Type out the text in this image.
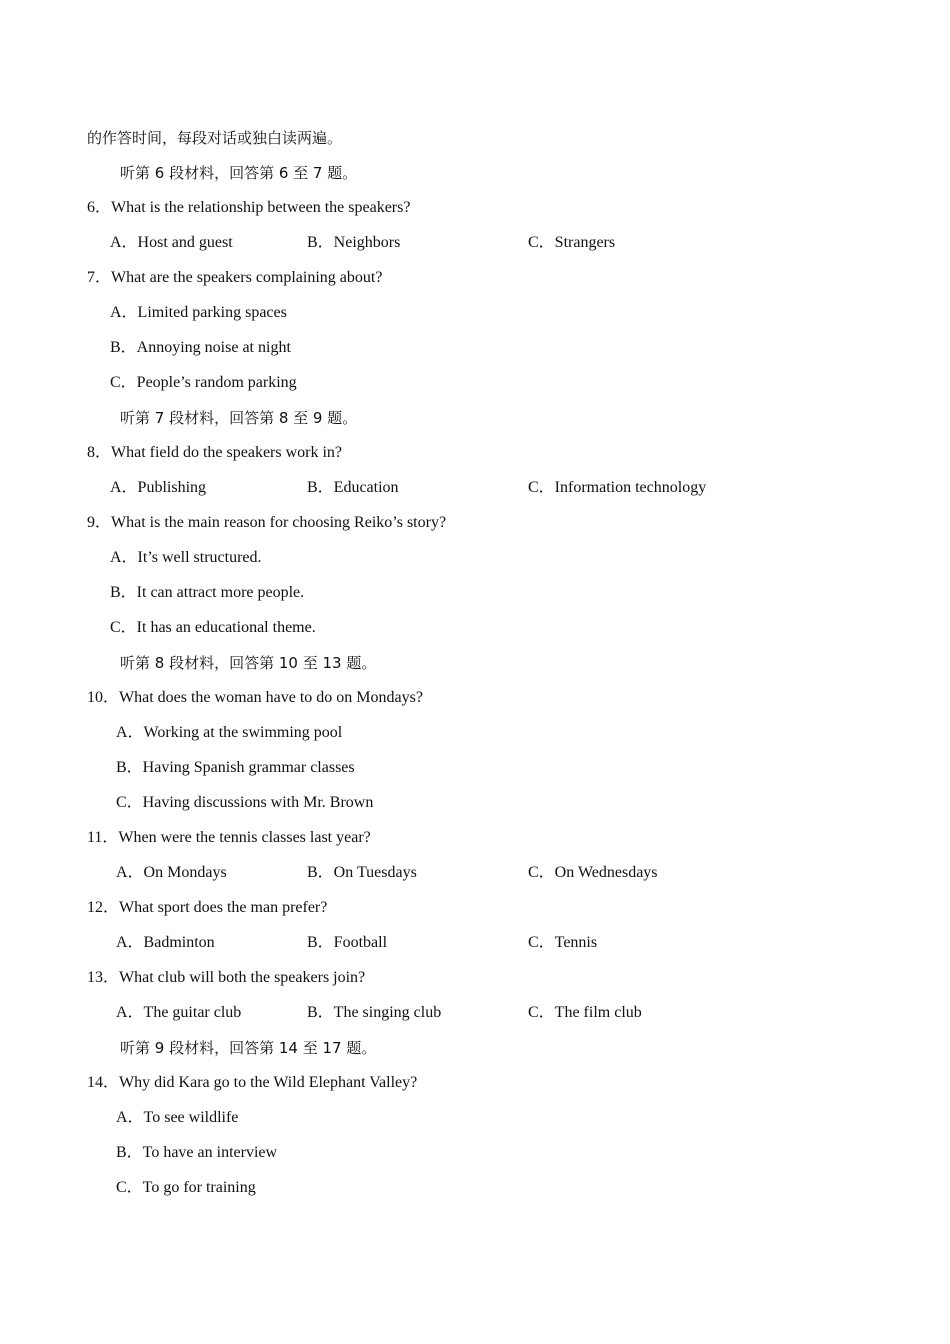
的作答时间，每段对话或独白读两遍。
听第 6 段材料，回答第 6 至 7 题。
6．What is the relationship between the speakers?
A．Host and guest	B．Neighbors	C．Strangers
7．What are the speakers complaining about?
A．Limited parking spaces
B．Annoying noise at night
C．People’s random parking
听第 7 段材料，回答第 8 至 9 题。
8．What field do the speakers work in?
A．Publishing	B．Education	C．Information technology
9．What is the main reason for choosing Reiko’s story?
A．It’s well structured.
B．It can attract more people.
C．It has an educational theme.
听第 8 段材料，回答第 10 至 13 题。
10．What does the woman have to do on Mondays?
A．Working at the swimming pool
B．Having Spanish grammar classes
C．Having discussions with Mr. Brown
11．When were the tennis classes last year?
A．On Mondays	B．On Tuesdays	C．On Wednesdays
12．What sport does the man prefer?
A．Badminton	B．Football	C．Tennis
13．What club will both the speakers join?
A．The guitar club	B．The singing club	C．The film club
听第 9 段材料，回答第 14 至 17 题。
14．Why did Kara go to the Wild Elephant Valley?
A．To see wildlife
B．To have an interview
C．To go for training
